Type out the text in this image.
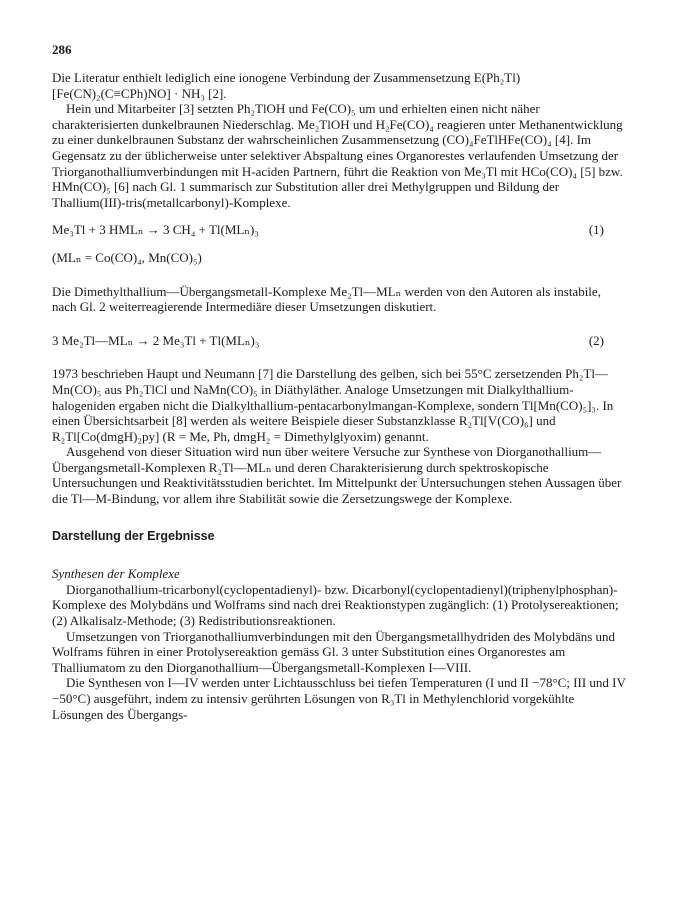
286

Die Literatur enthielt lediglich eine ionogene Verbindung der Zusammensetzung E(Ph₂Tl)[Fe(CN)₂(C≡CPh)NO] · NH₃ [2].

Hein und Mitarbeiter [3] setzten Ph₂TlOH und Fe(CO)₅ um und erhielten einen nicht näher charakterisierten dunkelbraunen Niederschlag. Me₂TlOH und H₂Fe(CO)₄ reagieren unter Methanentwicklung zu einer dunkelbraunen Substanz der wahrscheinlichen Zusammensetzung (CO)₄FeTlHFe(CO)₄ [4]. Im Gegensatz zu der üblicherweise unter selektiver Abspaltung eines Organorestes verlaufenden Umsetzung der Triorganothalliumverbindungen mit H-aciden Partnern, führt die Reaktion von Me₃Tl mit HCo(CO)₄ [5] bzw. HMn(CO)₅ [6] nach Gl. 1 summarisch zur Substitution aller drei Methylgruppen und Bildung der Thallium(III)-tris(metallcarbonyl)-Komplexe.

Me₃Tl + 3 HMLₙ → 3 CH₄ + Tl(MLₙ)₃	(1)

(MLₙ = Co(CO)₄, Mn(CO)₅)

Die Dimethylthallium—Übergangsmetall-Komplexe Me₂Tl—MLₙ werden von den Autoren als instabile, nach Gl. 2 weiterreagierende Intermediäre dieser Umsetzungen diskutiert.

3 Me₂Tl—MLₙ → 2 Me₃Tl + Tl(MLₙ)₃	(2)

1973 beschrieben Haupt und Neumann [7] die Darstellung des gelben, sich bei 55°C zersetzenden Ph₂Tl—Mn(CO)₅ aus Ph₂TlCl und NaMn(CO)₅ in Diäthyläther. Analoge Umsetzungen mit Dialkylthallium-halogeniden ergaben nicht die Dialkylthallium-pentacarbonylmangan-Komplexe, sondern Tl[Mn(CO)₅]₃. In einen Übersichtsarbeit [8] werden als weitere Beispiele dieser Substanzklasse R₂Tl[V(CO)₆] und R₂Tl[Co(dmgH)₂py] (R = Me, Ph, dmgH₂ = Dimethylglyoxim) genannt.

Ausgehend von dieser Situation wird nun über weitere Versuche zur Synthese von Diorganothallium—Übergangsmetall-Komplexen R₂Tl—MLₙ und deren Charakterisierung durch spektroskopische Untersuchungen und Reaktivitätsstudien berichtet. Im Mittelpunkt der Untersuchungen stehen Aussagen über die Tl—M-Bindung, vor allem ihre Stabilität sowie die Zersetzungswege der Komplexe.

Darstellung der Ergebnisse

Synthesen der Komplexe

Diorganothallium-tricarbonyl(cyclopentadienyl)- bzw. Dicarbonyl(cyclopentadienyl)(triphenylphosphan)-Komplexe des Molybdäns und Wolframs sind nach drei Reaktionstypen zugänglich: (1) Protolysereaktionen; (2) Alkalisalz-Methode; (3) Redistributionsreaktionen.

Umsetzungen von Triorganothalliumverbindungen mit den Übergangsmetallhydriden des Molybdäns und Wolframs führen in einer Protolysereaktion gemäss Gl. 3 unter Substitution eines Organorestes am Thalliumatom zu den Diorganothallium—Übergangsmetall-Komplexen I—VIII.

Die Synthesen von I—IV werden unter Lichtausschluss bei tiefen Temperaturen (I und II −78°C; III und IV −50°C) ausgeführt, indem zu intensiv gerührten Lösungen von R₃Tl in Methylenchlorid vorgekühlte Lösungen des Übergangs-
